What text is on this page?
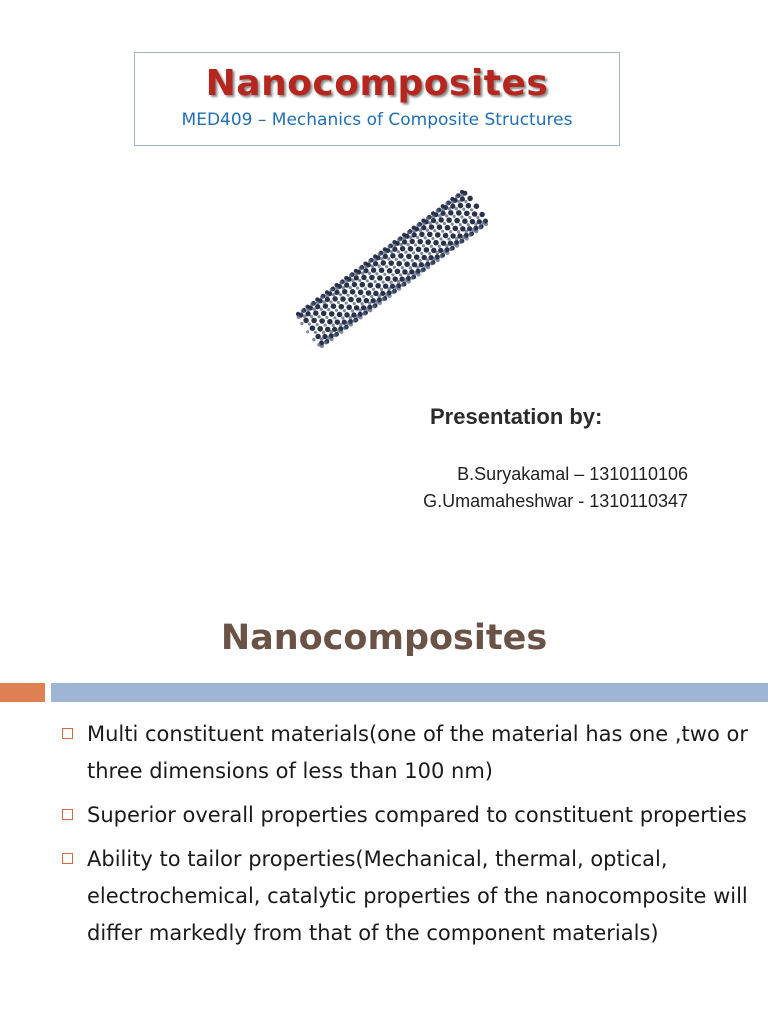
Nanocomposites
MED409 – Mechanics of Composite Structures
Presentation by:
B.Suryakamal – 1310110106
G.Umamaheshwar - 1310110347
Nanocomposites
Multi constituent materials(one of the material has one ,two or three dimensions of less than 100 nm)
Superior overall properties compared to constituent properties
Ability to tailor properties(Mechanical, thermal, optical, electrochemical, catalytic properties of the nanocomposite will differ markedly from that of the component materials)
